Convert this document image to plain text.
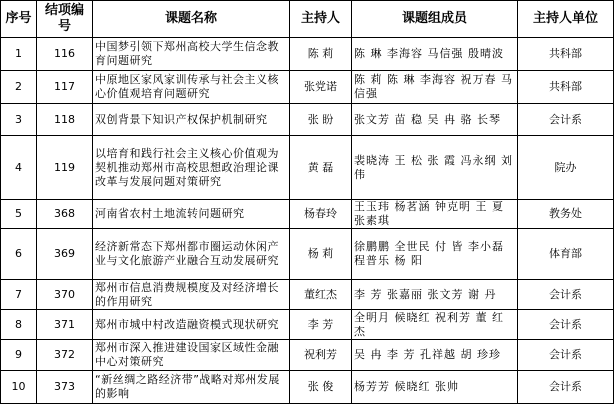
序号	结项编号	课题名称	主持人	课题组成员	主持人单位
1	116	中国梦引领下郑州高校大学生信念教育问题研究	陈 莉	陈 琳 李海容 马信强 殷晴波	共科部
2	117	中原地区家风家训传承与社会主义核心价值观培育问题研究	张党诺	陈 莉 陈 琳 李海容 祝万春 马信强	共科部
3	118	双创背景下知识产权保护机制研究	张 盼	张文芳 苗 稳 吴 冉 骆 长琴	会计系
4	119	以培育和践行社会主义核心价值观为契机推动郑州市高校思想政治理论课改革与发展问题对策研究	黄 磊	裴晓涛 王 松 张 霞 冯永纲 刘 伟	院办
5	368	河南省农村土地流转问题研究	杨春玲	王玉玮 杨茗涵 钟克明 王 夏 张素琪	教务处
6	369	经济新常态下郑州都市圈运动休闲产业与文化旅游产业融合互动发展研究	杨 莉	徐鹏鹏 全世民 付 皆 李小磊 程普乐 杨 阳	体育部
7	370	郑州市信息消费规模度及对经济增长的作用研究	董红杰	李 芳 张嘉丽 张文芳 谢 丹	会计系
8	371	郑州市城中村改造融资模式现状研究	李 芳	全明月 候晓红 祝利芳 董 红杰	会计系
9	372	郑州市深入推进建设国家区域性金融中心对策研究	祝利芳	吴 冉 李 芳 孔祥越 胡 珍珍	会计系
10	373	“新丝绸之路经济带”战略对郑州发展的影响	张 俊	杨芳芳 候晓红 张帅	会计系
